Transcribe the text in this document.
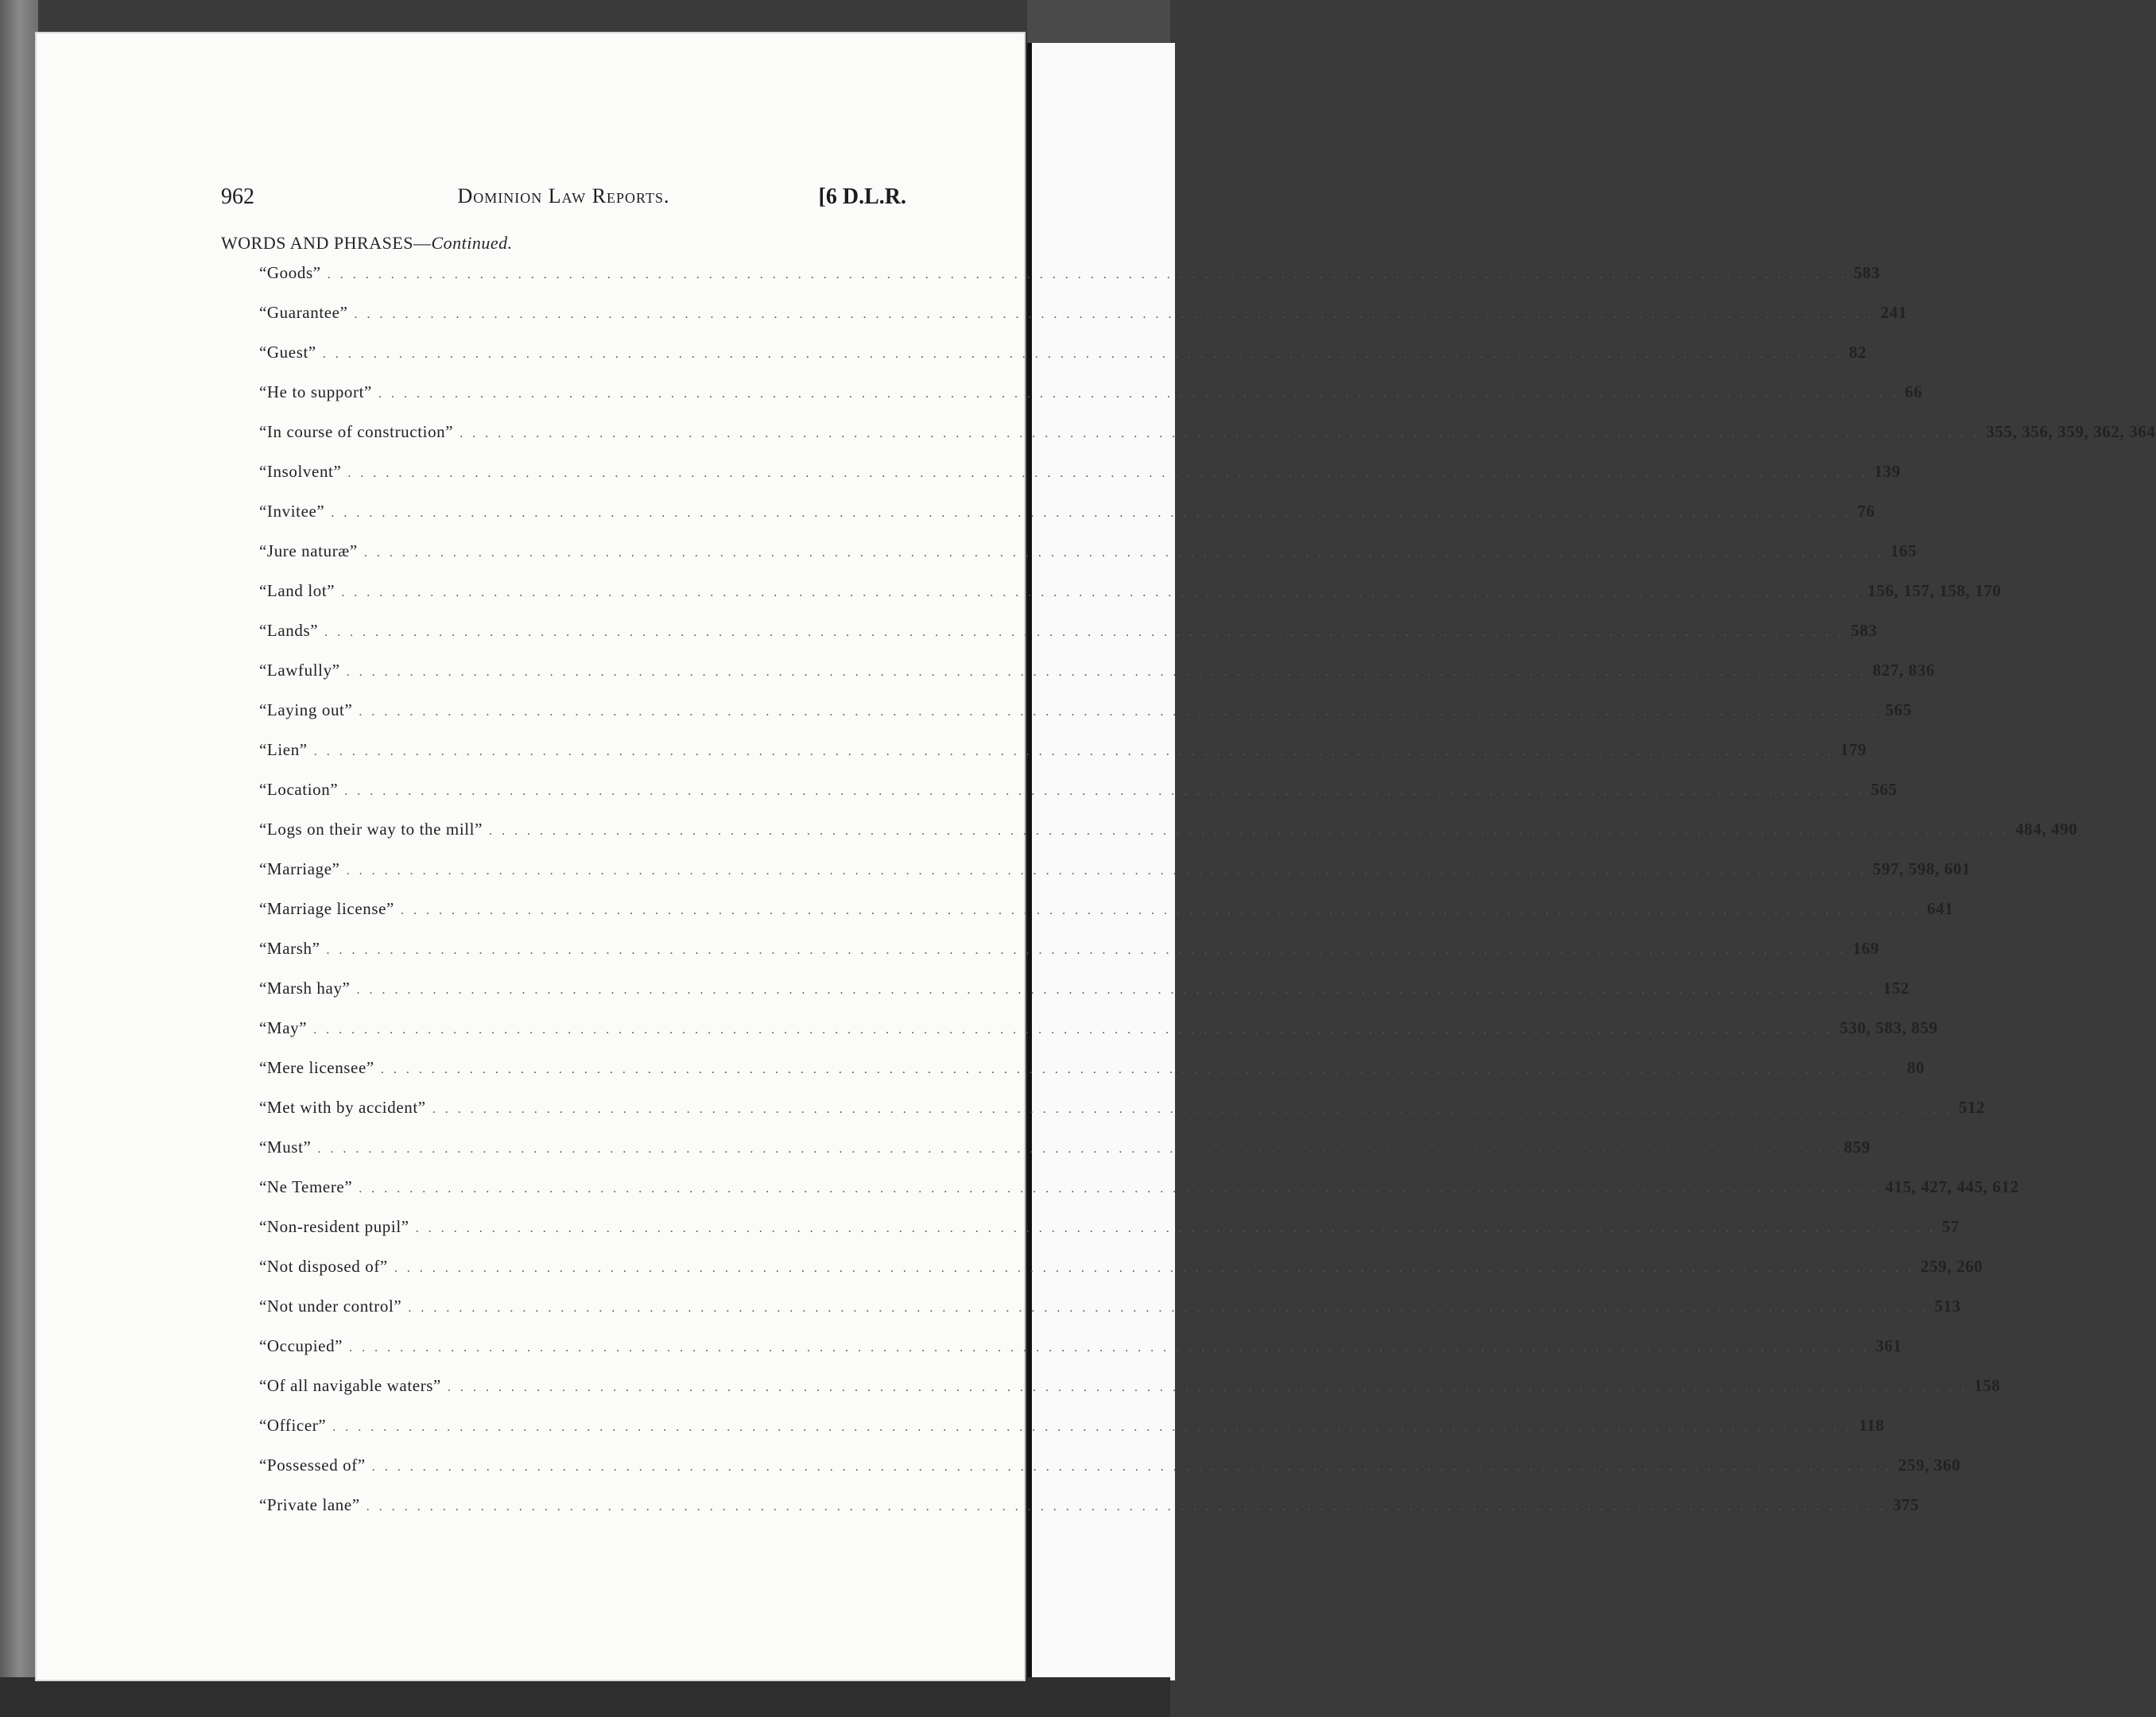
962	Dominion Law Reports.	[6 D.L.R.
WORDS AND PHRASES—Continued.
“Goods” . . . . . . . . . . . . . . . . . . . . . . . . . . . . . . . . . . . . . . . . . . . . . . . . . . . . . . . . . . . . . . . . . . . . . . . . . . . . . . . . . . . . . . . . . . . . . . . . . . . . . . . . . . . . . . . . . . . . . . . . 583
“Guarantee” . . . . . . . . . . . . . . . . . . . . . . . . . . . . . . . . . . . . . . . . . . . . . . . . . . . . . . . . . . . . . . . . . . . . . . . . . . . . . . . . . . . . . . . . . . . . . . . . . . . . . . . . . . . . . . . . . . . . . . . . 241
“Guest” . . . . . . . . . . . . . . . . . . . . . . . . . . . . . . . . . . . . . . . . . . . . . . . . . . . . . . . . . . . . . . . . . . . . . . . . . . . . . . . . . . . . . . . . . . . . . . . . . . . . . . . . . . . . . . . . . . . . . . . . 82
“He to support” . . . . . . . . . . . . . . . . . . . . . . . . . . . . . . . . . . . . . . . . . . . . . . . . . . . . . . . . . . . . . . . . . . . . . . . . . . . . . . . . . . . . . . . . . . . . . . . . . . . . . . . . . . . . . . . . . . . . . . . . 66
“In course of construction” . . . . . . . . . . . . . . . . . . . . . . . . . . . . . . . . . . . . . . . . . . . . . . . . . . . . . . . . . . . . . . . . . . . . . . . . . . . . . . . . . . . . . . . . . . . . . . . . . . . . . . . . . . . . . . . . . . . . . . . . 355, 356, 359, 362, 364
“Insolvent” . . . . . . . . . . . . . . . . . . . . . . . . . . . . . . . . . . . . . . . . . . . . . . . . . . . . . . . . . . . . . . . . . . . . . . . . . . . . . . . . . . . . . . . . . . . . . . . . . . . . . . . . . . . . . . . . . . . . . . . . 139
“Invitee” . . . . . . . . . . . . . . . . . . . . . . . . . . . . . . . . . . . . . . . . . . . . . . . . . . . . . . . . . . . . . . . . . . . . . . . . . . . . . . . . . . . . . . . . . . . . . . . . . . . . . . . . . . . . . . . . . . . . . . . . 76
“Jure naturæ” . . . . . . . . . . . . . . . . . . . . . . . . . . . . . . . . . . . . . . . . . . . . . . . . . . . . . . . . . . . . . . . . . . . . . . . . . . . . . . . . . . . . . . . . . . . . . . . . . . . . . . . . . . . . . . . . . . . . . . . . 165
“Land lot” . . . . . . . . . . . . . . . . . . . . . . . . . . . . . . . . . . . . . . . . . . . . . . . . . . . . . . . . . . . . . . . . . . . . . . . . . . . . . . . . . . . . . . . . . . . . . . . . . . . . . . . . . . . . . . . . . . . . . . . . 156, 157, 158, 170
“Lands” . . . . . . . . . . . . . . . . . . . . . . . . . . . . . . . . . . . . . . . . . . . . . . . . . . . . . . . . . . . . . . . . . . . . . . . . . . . . . . . . . . . . . . . . . . . . . . . . . . . . . . . . . . . . . . . . . . . . . . . . 583
“Lawfully” . . . . . . . . . . . . . . . . . . . . . . . . . . . . . . . . . . . . . . . . . . . . . . . . . . . . . . . . . . . . . . . . . . . . . . . . . . . . . . . . . . . . . . . . . . . . . . . . . . . . . . . . . . . . . . . . . . . . . . . . 827, 836
“Laying out” . . . . . . . . . . . . . . . . . . . . . . . . . . . . . . . . . . . . . . . . . . . . . . . . . . . . . . . . . . . . . . . . . . . . . . . . . . . . . . . . . . . . . . . . . . . . . . . . . . . . . . . . . . . . . . . . . . . . . . . . 565
“Lien” . . . . . . . . . . . . . . . . . . . . . . . . . . . . . . . . . . . . . . . . . . . . . . . . . . . . . . . . . . . . . . . . . . . . . . . . . . . . . . . . . . . . . . . . . . . . . . . . . . . . . . . . . . . . . . . . . . . . . . . . 179
“Location” . . . . . . . . . . . . . . . . . . . . . . . . . . . . . . . . . . . . . . . . . . . . . . . . . . . . . . . . . . . . . . . . . . . . . . . . . . . . . . . . . . . . . . . . . . . . . . . . . . . . . . . . . . . . . . . . . . . . . . . . 565
“Logs on their way to the mill” . . . . . . . . . . . . . . . . . . . . . . . . . . . . . . . . . . . . . . . . . . . . . . . . . . . . . . . . . . . . . . . . . . . . . . . . . . . . . . . . . . . . . . . . . . . . . . . . . . . . . . . . . . . . . . . . . . . . . . . . 484, 490
“Marriage” . . . . . . . . . . . . . . . . . . . . . . . . . . . . . . . . . . . . . . . . . . . . . . . . . . . . . . . . . . . . . . . . . . . . . . . . . . . . . . . . . . . . . . . . . . . . . . . . . . . . . . . . . . . . . . . . . . . . . . . . 597, 598, 601
“Marriage license” . . . . . . . . . . . . . . . . . . . . . . . . . . . . . . . . . . . . . . . . . . . . . . . . . . . . . . . . . . . . . . . . . . . . . . . . . . . . . . . . . . . . . . . . . . . . . . . . . . . . . . . . . . . . . . . . . . . . . . . . 641
“Marsh” . . . . . . . . . . . . . . . . . . . . . . . . . . . . . . . . . . . . . . . . . . . . . . . . . . . . . . . . . . . . . . . . . . . . . . . . . . . . . . . . . . . . . . . . . . . . . . . . . . . . . . . . . . . . . . . . . . . . . . . . 169
“Marsh hay” . . . . . . . . . . . . . . . . . . . . . . . . . . . . . . . . . . . . . . . . . . . . . . . . . . . . . . . . . . . . . . . . . . . . . . . . . . . . . . . . . . . . . . . . . . . . . . . . . . . . . . . . . . . . . . . . . . . . . . . . 152
“May” . . . . . . . . . . . . . . . . . . . . . . . . . . . . . . . . . . . . . . . . . . . . . . . . . . . . . . . . . . . . . . . . . . . . . . . . . . . . . . . . . . . . . . . . . . . . . . . . . . . . . . . . . . . . . . . . . . . . . . . . 530, 583, 859
“Mere licensee” . . . . . . . . . . . . . . . . . . . . . . . . . . . . . . . . . . . . . . . . . . . . . . . . . . . . . . . . . . . . . . . . . . . . . . . . . . . . . . . . . . . . . . . . . . . . . . . . . . . . . . . . . . . . . . . . . . . . . . . . 80
“Met with by accident” . . . . . . . . . . . . . . . . . . . . . . . . . . . . . . . . . . . . . . . . . . . . . . . . . . . . . . . . . . . . . . . . . . . . . . . . . . . . . . . . . . . . . . . . . . . . . . . . . . . . . . . . . . . . . . . . . . . . . . . . 512
“Must” . . . . . . . . . . . . . . . . . . . . . . . . . . . . . . . . . . . . . . . . . . . . . . . . . . . . . . . . . . . . . . . . . . . . . . . . . . . . . . . . . . . . . . . . . . . . . . . . . . . . . . . . . . . . . . . . . . . . . . . . 859
“Ne Temere” . . . . . . . . . . . . . . . . . . . . . . . . . . . . . . . . . . . . . . . . . . . . . . . . . . . . . . . . . . . . . . . . . . . . . . . . . . . . . . . . . . . . . . . . . . . . . . . . . . . . . . . . . . . . . . . . . . . . . . . . 415, 427, 445, 612
“Non-resident pupil” . . . . . . . . . . . . . . . . . . . . . . . . . . . . . . . . . . . . . . . . . . . . . . . . . . . . . . . . . . . . . . . . . . . . . . . . . . . . . . . . . . . . . . . . . . . . . . . . . . . . . . . . . . . . . . . . . . . . . . . . 57
“Not disposed of” . . . . . . . . . . . . . . . . . . . . . . . . . . . . . . . . . . . . . . . . . . . . . . . . . . . . . . . . . . . . . . . . . . . . . . . . . . . . . . . . . . . . . . . . . . . . . . . . . . . . . . . . . . . . . . . . . . . . . . . . 259, 260
“Not under control” . . . . . . . . . . . . . . . . . . . . . . . . . . . . . . . . . . . . . . . . . . . . . . . . . . . . . . . . . . . . . . . . . . . . . . . . . . . . . . . . . . . . . . . . . . . . . . . . . . . . . . . . . . . . . . . . . . . . . . . . 513
“Occupied” . . . . . . . . . . . . . . . . . . . . . . . . . . . . . . . . . . . . . . . . . . . . . . . . . . . . . . . . . . . . . . . . . . . . . . . . . . . . . . . . . . . . . . . . . . . . . . . . . . . . . . . . . . . . . . . . . . . . . . . . 361
“Of all navigable waters” . . . . . . . . . . . . . . . . . . . . . . . . . . . . . . . . . . . . . . . . . . . . . . . . . . . . . . . . . . . . . . . . . . . . . . . . . . . . . . . . . . . . . . . . . . . . . . . . . . . . . . . . . . . . . . . . . . . . . . . . 158
“Officer” . . . . . . . . . . . . . . . . . . . . . . . . . . . . . . . . . . . . . . . . . . . . . . . . . . . . . . . . . . . . . . . . . . . . . . . . . . . . . . . . . . . . . . . . . . . . . . . . . . . . . . . . . . . . . . . . . . . . . . . . 118
“Possessed of” . . . . . . . . . . . . . . . . . . . . . . . . . . . . . . . . . . . . . . . . . . . . . . . . . . . . . . . . . . . . . . . . . . . . . . . . . . . . . . . . . . . . . . . . . . . . . . . . . . . . . . . . . . . . . . . . . . . . . . . . 259, 360
“Private lane” . . . . . . . . . . . . . . . . . . . . . . . . . . . . . . . . . . . . . . . . . . . . . . . . . . . . . . . . . . . . . . . . . . . . . . . . . . . . . . . . . . . . . . . . . . . . . . . . . . . . . . . . . . . . . . . . . . . . . . . . 375
